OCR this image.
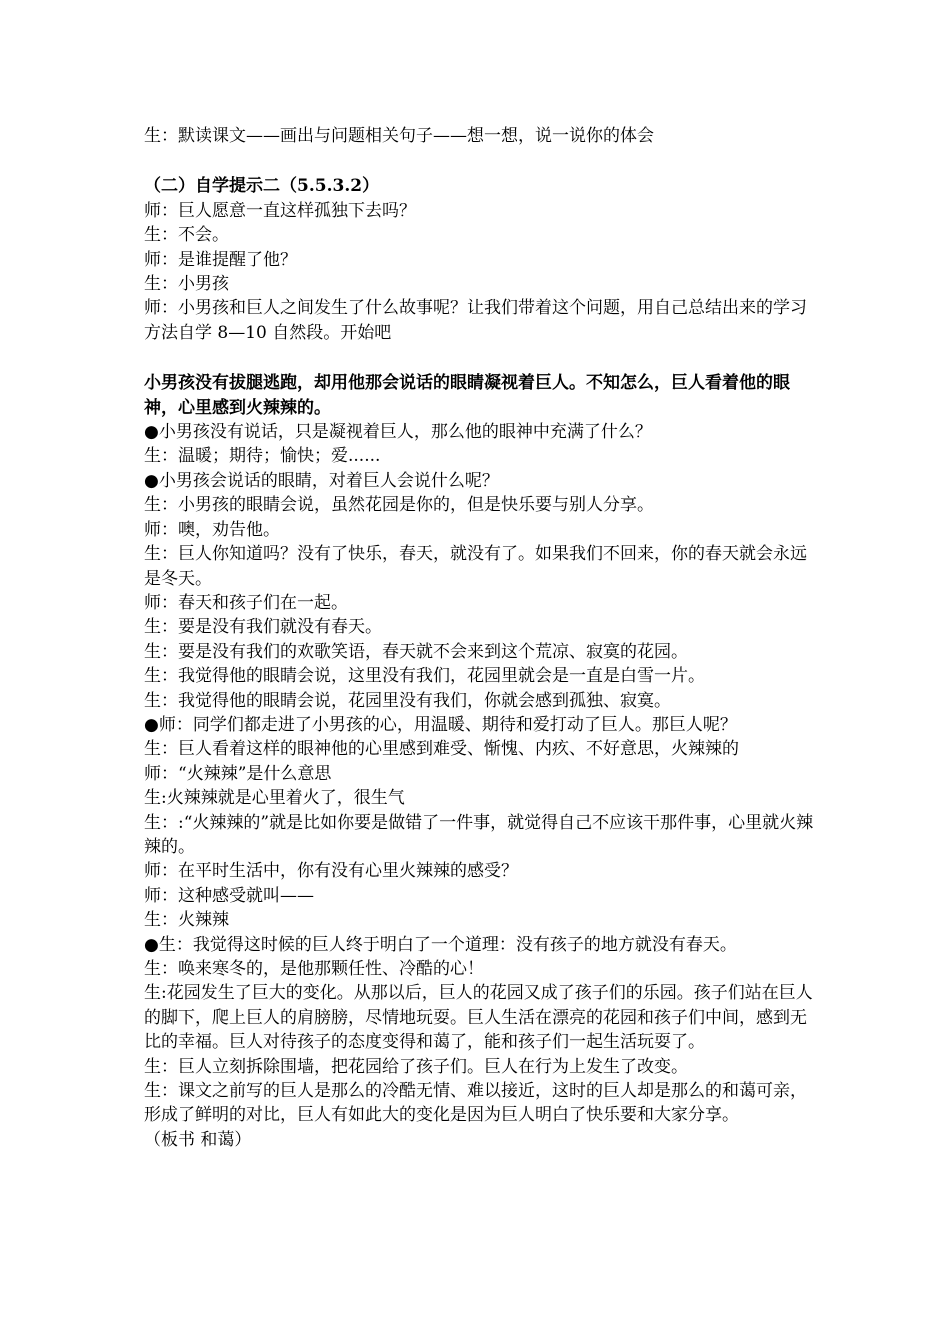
生：默读课文——画出与问题相关句子——想一想，说一说你的体会
（二）自学提示二（5.5.3.2）
师：巨人愿意一直这样孤独下去吗？
生：不会。
师：是谁提醒了他？
生：小男孩
师：小男孩和巨人之间发生了什么故事呢？让我们带着这个问题，用自己总结出来的学习方法自学 8—10 自然段。开始吧
小男孩没有拔腿逃跑，却用他那会说话的眼睛凝视着巨人。不知怎么，巨人看着他的眼神，心里感到火辣辣的。
●小男孩没有说话，只是凝视着巨人，那么他的眼神中充满了什么？
生：温暖；期待；愉快；爱......
●小男孩会说话的眼睛，对着巨人会说什么呢？
生：小男孩的眼睛会说，虽然花园是你的，但是快乐要与别人分享。
师：噢，劝告他。
生：巨人你知道吗？没有了快乐，春天，就没有了。如果我们不回来，你的春天就会永远是冬天。
师：春天和孩子们在一起。
生：要是没有我们就没有春天。
生：要是没有我们的欢歌笑语，春天就不会来到这个荒凉、寂寞的花园。
生：我觉得他的眼睛会说，这里没有我们，花园里就会是一直是白雪一片。
生：我觉得他的眼睛会说，花园里没有我们，你就会感到孤独、寂寞。
●师：同学们都走进了小男孩的心，用温暖、期待和爱打动了巨人。那巨人呢？
生：巨人看着这样的眼神他的心里感到难受、惭愧、内疚、不好意思，火辣辣的
师：“火辣辣”是什么意思
生:火辣辣就是心里着火了，很生气
生：:“火辣辣的”就是比如你要是做错了一件事，就觉得自己不应该干那件事，心里就火辣辣的。
师：在平时生活中，你有没有心里火辣辣的感受？
师：这种感受就叫——
生：火辣辣
●生：我觉得这时候的巨人终于明白了一个道理：没有孩子的地方就没有春天。
生：唤来寒冬的，是他那颗任性、冷酷的心！
生:花园发生了巨大的变化。从那以后，巨人的花园又成了孩子们的乐园。孩子们站在巨人的脚下，爬上巨人的肩膀膀，尽情地玩耍。巨人生活在漂亮的花园和孩子们中间，感到无比的幸福。巨人对待孩子的态度变得和蔼了，能和孩子们一起生活玩耍了。
生：巨人立刻拆除围墙，把花园给了孩子们。巨人在行为上发生了改变。
生：课文之前写的巨人是那么的冷酷无情、难以接近，这时的巨人却是那么的和蔼可亲，形成了鲜明的对比，巨人有如此大的变化是因为巨人明白了快乐要和大家分享。
（板书 和蔼）
